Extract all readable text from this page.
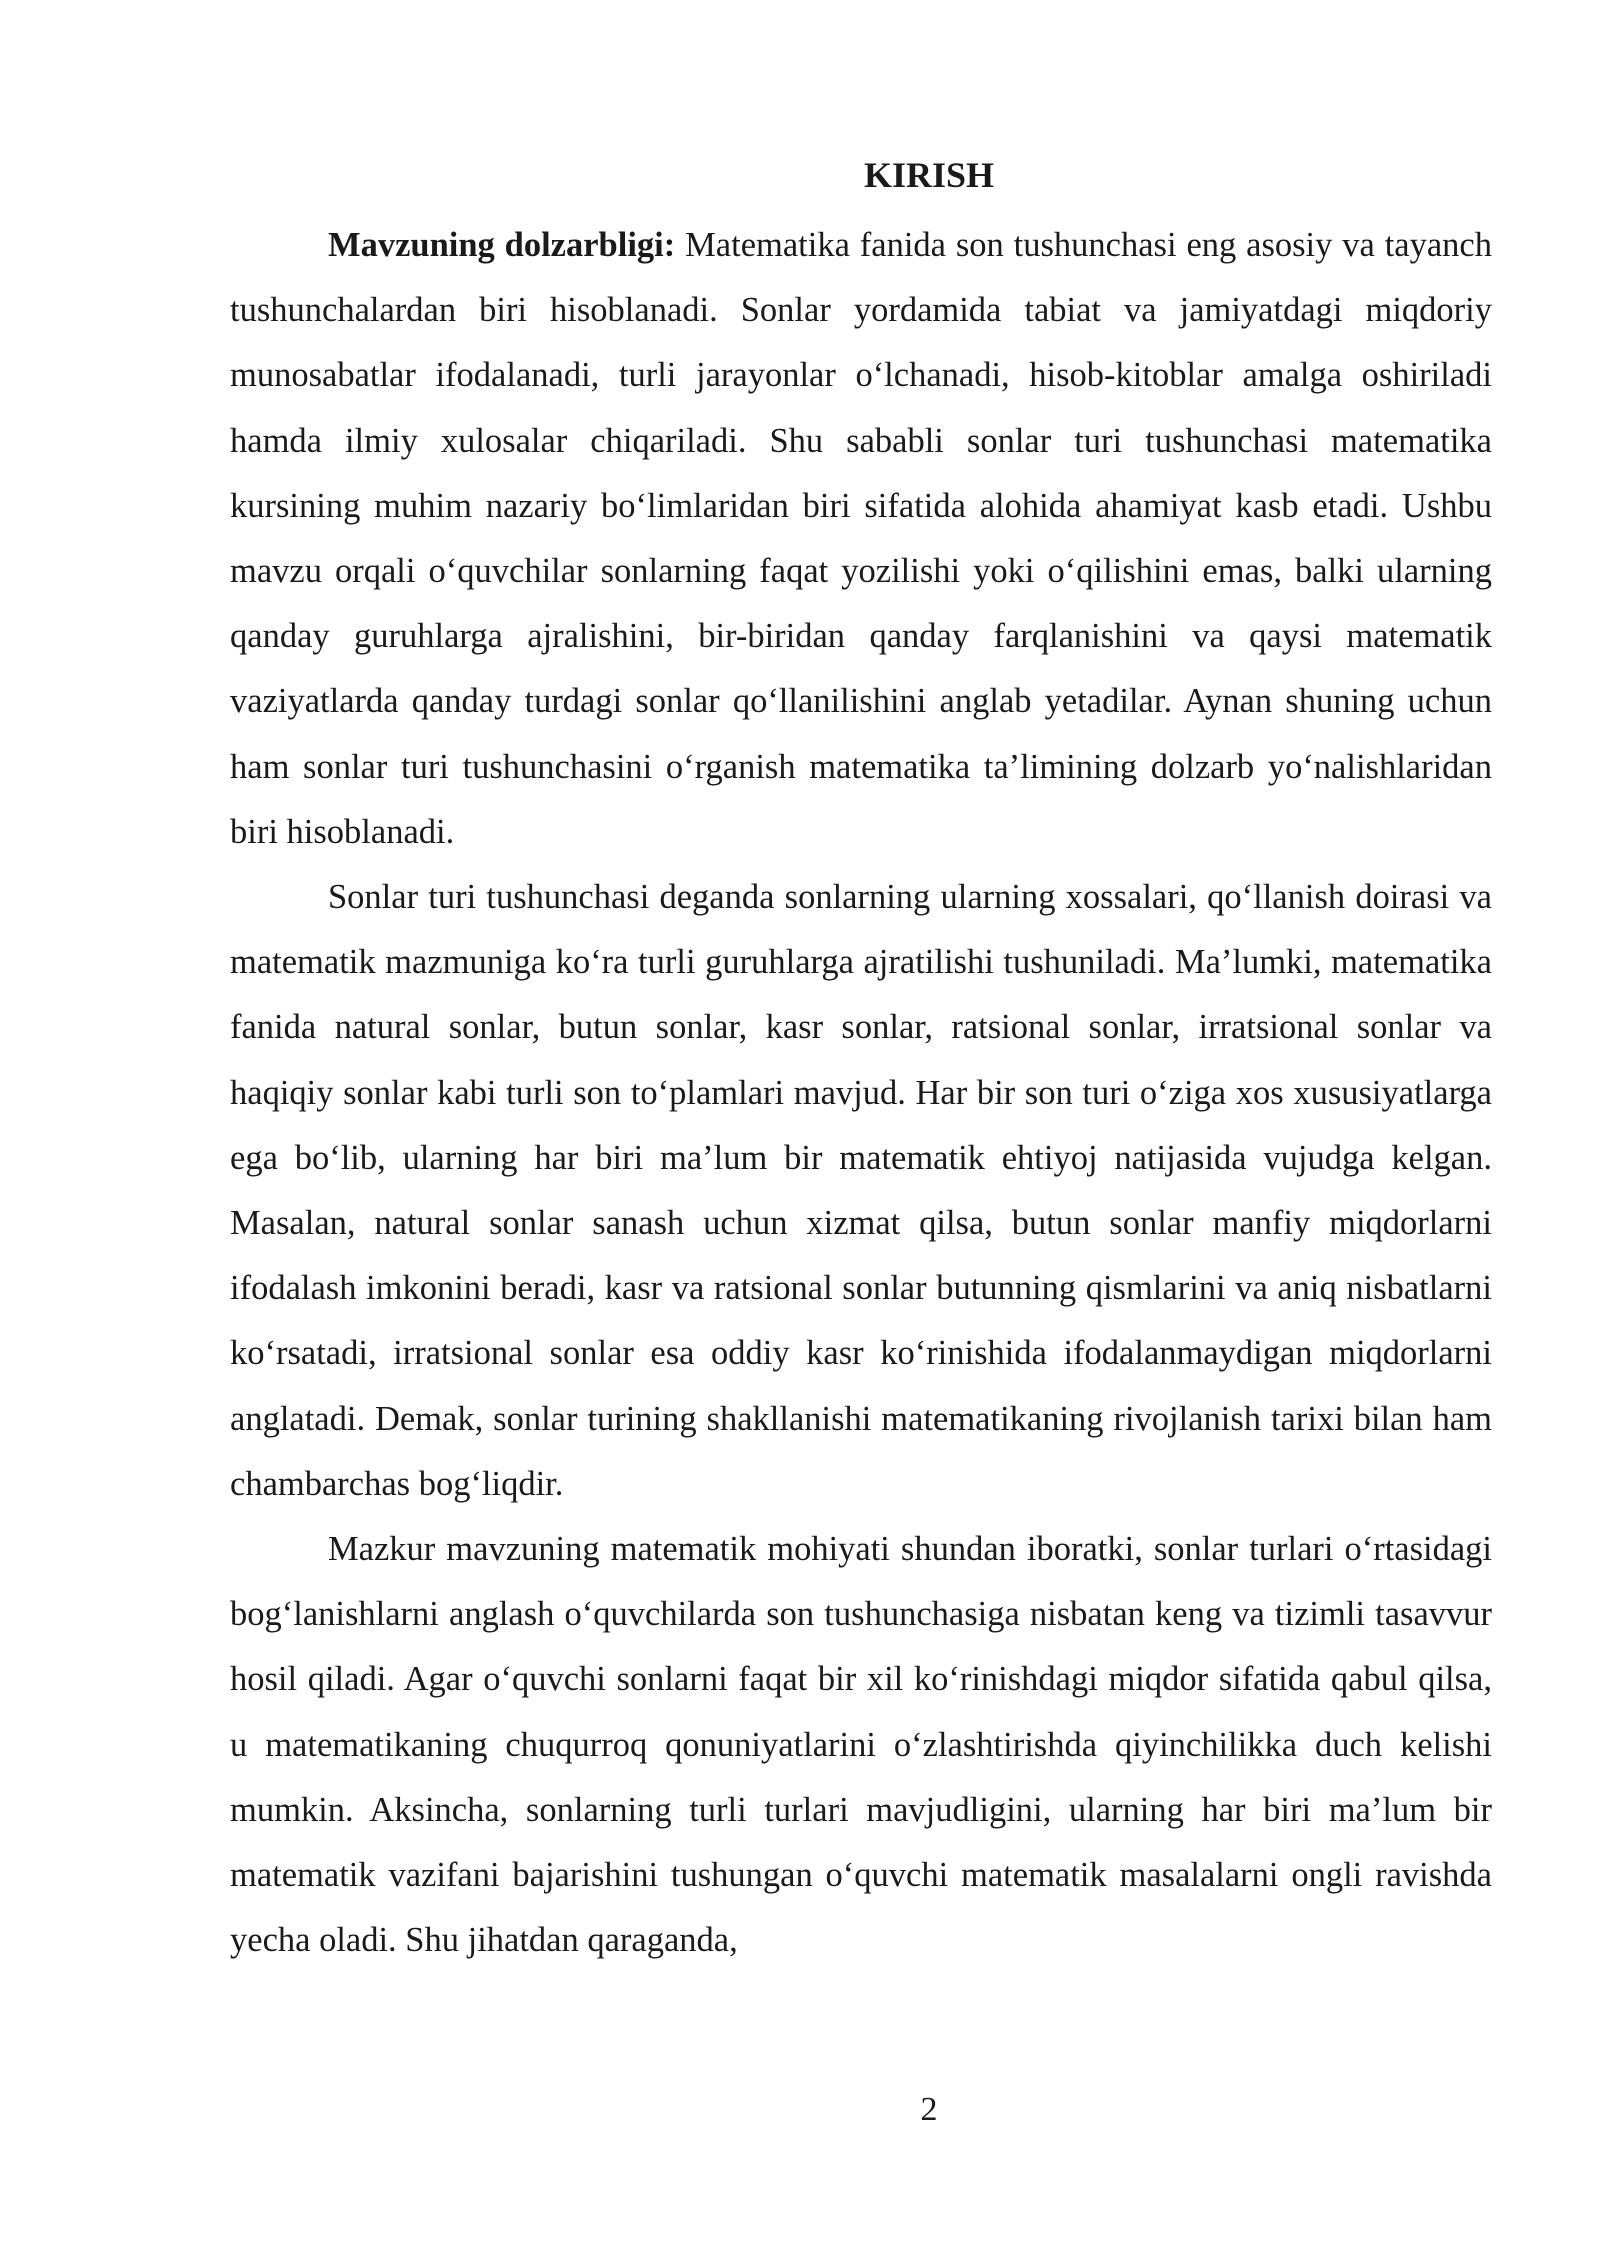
KIRISH

Mavzuning dolzarbligi: Matematika fanida son tushunchasi eng asosiy va tayanch tushunchalardan biri hisoblanadi. Sonlar yordamida tabiat va jamiyatdagi miqdoriy munosabatlar ifodalanadi, turli jarayonlar o‘lchanadi, hisob-kitoblar amalga oshiriladi hamda ilmiy xulosalar chiqariladi. Shu sababli sonlar turi tushunchasi matematika kursining muhim nazariy bo‘limlaridan biri sifatida alohida ahamiyat kasb etadi. Ushbu mavzu orqali o‘quvchilar sonlarning faqat yozilishi yoki o‘qilishini emas, balki ularning qanday guruhlarga ajralishini, bir-biridan qanday farqlanishini va qaysi matematik vaziyatlarda qanday turdagi sonlar qo‘llanilishini anglab yetadilar. Aynan shuning uchun ham sonlar turi tushunchasini o‘rganish matematika ta’limining dolzarb yo‘nalishlaridan biri hisoblanadi.

Sonlar turi tushunchasi deganda sonlarning ularning xossalari, qo‘llanish doirasi va matematik mazmuniga ko‘ra turli guruhlarga ajratilishi tushuniladi. Ma’lumki, matematika fanida natural sonlar, butun sonlar, kasr sonlar, ratsional sonlar, irratsional sonlar va haqiqiy sonlar kabi turli son to‘plamlari mavjud. Har bir son turi o‘ziga xos xususiyatlarga ega bo‘lib, ularning har biri ma’lum bir matematik ehtiyoj natijasida vujudga kelgan. Masalan, natural sonlar sanash uchun xizmat qilsa, butun sonlar manfiy miqdorlarni ifodalash imkonini beradi, kasr va ratsional sonlar butunning qismlarini va aniq nisbatlarni ko‘rsatadi, irratsional sonlar esa oddiy kasr ko‘rinishida ifodalanmaydigan miqdorlarni anglatadi. Demak, sonlar turining shakllanishi matematikaning rivojlanish tarixi bilan ham chambarchas bog‘liqdir.

Mazkur mavzuning matematik mohiyati shundan iboratki, sonlar turlari o‘rtasidagi bog‘lanishlarni anglash o‘quvchilarda son tushunchasiga nisbatan keng va tizimli tasavvur hosil qiladi. Agar o‘quvchi sonlarni faqat bir xil ko‘rinishdagi miqdor sifatida qabul qilsa, u matematikaning chuqurroq qonuniyatlarini o‘zlashtirishda qiyinchilikka duch kelishi mumkin. Aksincha, sonlarning turli turlari mavjudligini, ularning har biri ma’lum bir matematik vazifani bajarishini tushungan o‘quvchi matematik masalalarni ongli ravishda yecha oladi. Shu jihatdan qaraganda,

2
